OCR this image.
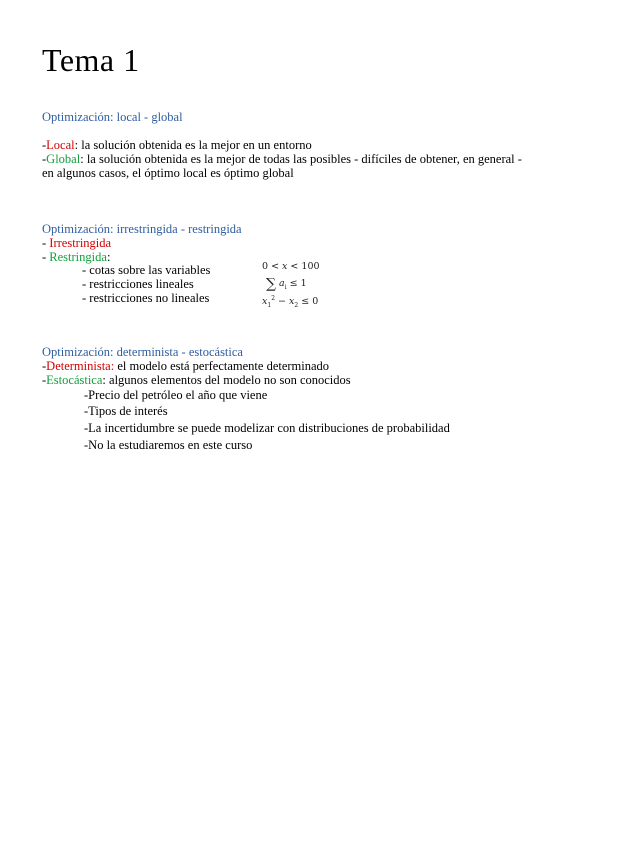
Tema 1
Optimización: local - global
-Local: la solución obtenida es la mejor en un entorno
-Global: la solución obtenida es la mejor de todas las posibles - difíciles de obtener, en general -
en algunos casos, el óptimo local es óptimo global
Optimización: irrestringida - restringida
- Irrestringida
- Restringida:
- cotas sobre las variables
- restricciones lineales
- restricciones no lineales
0 < x < 100
∑ $a_i \le 1$
$x_1^2 - x_2 \le 0$
Optimización: determinista - estocástica
-Determinista: el modelo está perfectamente determinado
-Estocástica: algunos elementos del modelo no son conocidos
-Precio del petróleo el año que viene
-Tipos de interés
-La incertidumbre se puede modelizar con distribuciones de probabilidad
-No la estudiaremos en este curso
